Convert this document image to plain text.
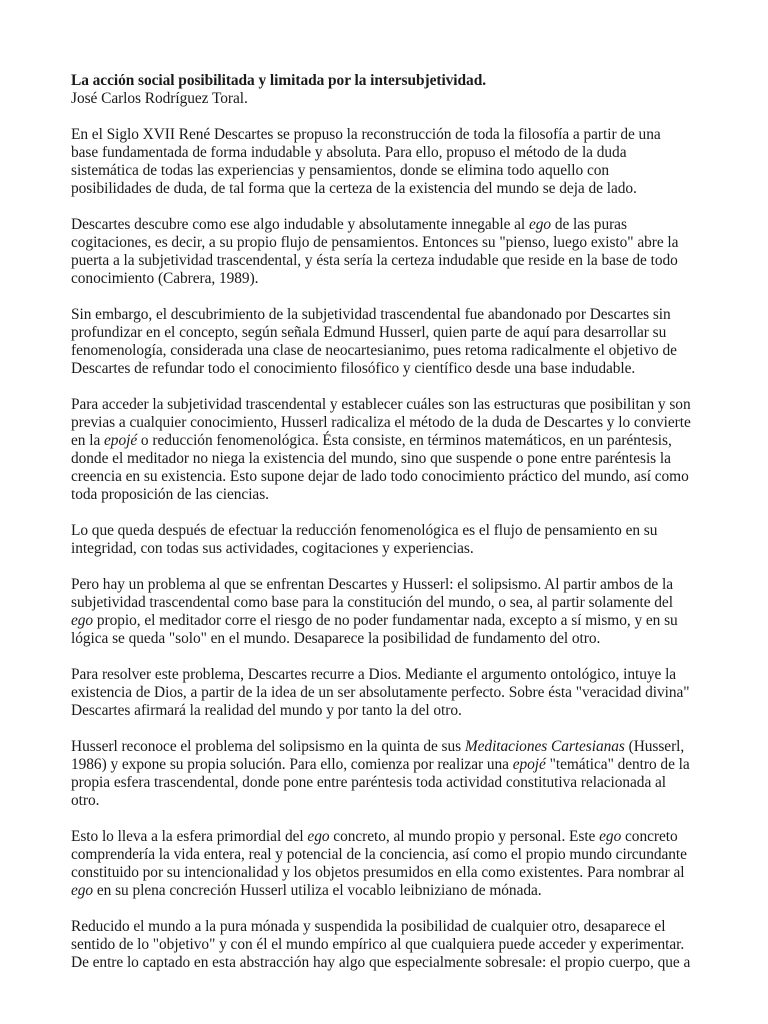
La acción social posibilitada y limitada por la intersubjetividad.

José Carlos Rodríguez Toral.

En el Siglo XVII René Descartes se propuso la reconstrucción de toda la filosofía a partir de una base fundamentada de forma indudable y absoluta. Para ello, propuso el método de la duda sistemática de todas las experiencias y pensamientos, donde se elimina todo aquello con posibilidades de duda, de tal forma que la certeza de la existencia del mundo se deja de lado.

Descartes descubre como ese algo indudable y absolutamente innegable al ego de las puras cogitaciones, es decir, a su propio flujo de pensamientos. Entonces su "pienso, luego existo" abre la puerta a la subjetividad trascendental, y ésta sería la certeza indudable que reside en la base de todo conocimiento (Cabrera, 1989).

Sin embargo, el descubrimiento de la subjetividad trascendental fue abandonado por Descartes sin profundizar en el concepto, según señala Edmund Husserl, quien parte de aquí para desarrollar su fenomenología, considerada una clase de neocartesianimo, pues retoma radicalmente el objetivo de Descartes de refundar todo el conocimiento filosófico y científico desde una base indudable.

Para acceder la subjetividad trascendental y establecer cuáles son las estructuras que posibilitan y son previas a cualquier conocimiento, Husserl radicaliza el método de la duda de Descartes y lo convierte en la epojé o reducción fenomenológica. Ésta consiste, en términos matemáticos, en un paréntesis, donde el meditador no niega la existencia del mundo, sino que suspende o pone entre paréntesis la creencia en su existencia. Esto supone dejar de lado todo conocimiento práctico del mundo, así como toda proposición de las ciencias.

Lo que queda después de efectuar la reducción fenomenológica es el flujo de pensamiento en su integridad, con todas sus actividades, cogitaciones y experiencias.

Pero hay un problema al que se enfrentan Descartes y Husserl: el solipsismo. Al partir ambos de la subjetividad trascendental como base para la constitución del mundo, o sea, al partir solamente del ego propio, el meditador corre el riesgo de no poder fundamentar nada, excepto a sí mismo, y en su lógica se queda "solo" en el mundo. Desaparece la posibilidad de fundamento del otro.

Para resolver este problema, Descartes recurre a Dios. Mediante el argumento ontológico, intuye la existencia de Dios, a partir de la idea de un ser absolutamente perfecto. Sobre ésta "veracidad divina" Descartes afirmará la realidad del mundo y por tanto la del otro.

Husserl reconoce el problema del solipsismo en la quinta de sus Meditaciones Cartesianas (Husserl, 1986) y expone su propia solución. Para ello, comienza por realizar una epojé "temática" dentro de la propia esfera trascendental, donde pone entre paréntesis toda actividad constitutiva relacionada al otro.

Esto lo lleva a la esfera primordial del ego concreto, al mundo propio y personal. Este ego concreto comprendería la vida entera, real y potencial de la conciencia, así como el propio mundo circundante constituido por su intencionalidad y los objetos presumidos en ella como existentes. Para nombrar al ego en su plena concreción Husserl utiliza el vocablo leibniziano de mónada.

Reducido el mundo a la pura mónada y suspendida la posibilidad de cualquier otro, desaparece el sentido de lo "objetivo" y con él el mundo empírico al que cualquiera puede acceder y experimentar. De entre lo captado en esta abstracción hay algo que especialmente sobresale: el propio cuerpo, que a
